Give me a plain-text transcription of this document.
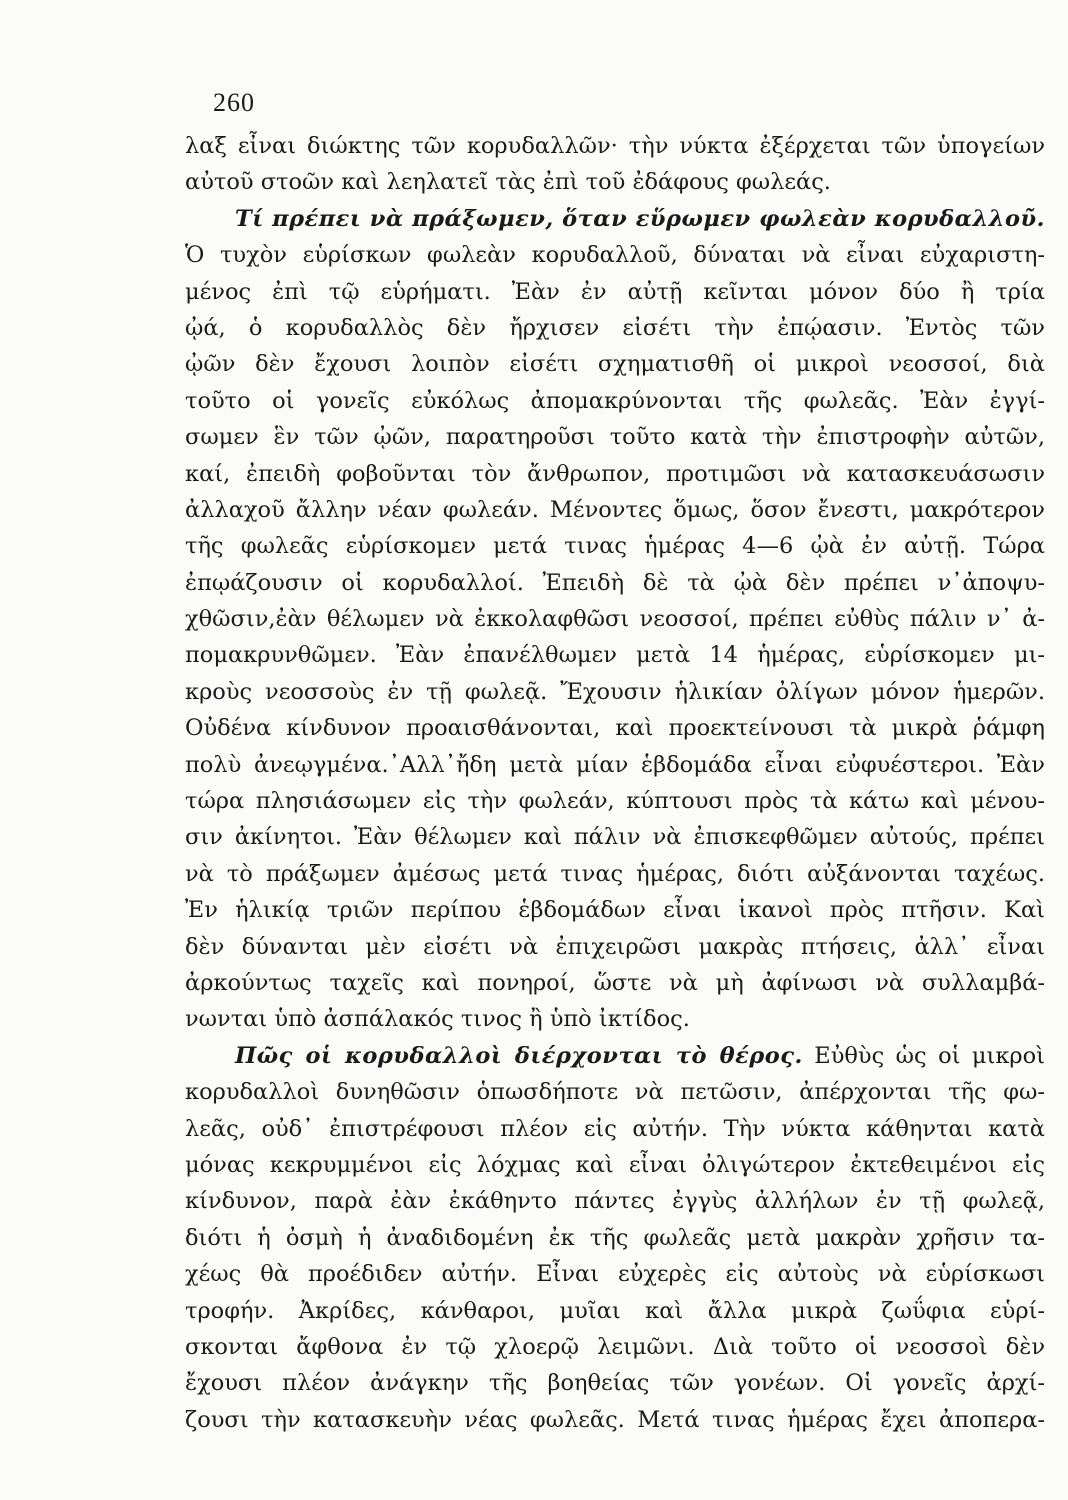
260
λαξ εἶναι διώκτης τῶν κορυδαλλῶν· τὴν νύκτα ἐξέρχεται τῶν ὑπογείων
αὐτοῦ στοῶν καὶ λεηλατεῖ τὰς ἐπὶ τοῦ ἐδάφους φωλεάς.
Τί πρέπει νὰ πράξωμεν, ὅταν εὕρωμεν φωλεὰν κορυδαλλοῦ.
Ὁ τυχὸν εὑρίσκων φωλεὰν κορυδαλλοῦ, δύναται νὰ εἶναι εὐχαριστη-
μένος ἐπὶ τῷ εὑρήματι. Ἐὰν ἐν αὐτῇ κεῖνται μόνον δύο ἢ τρία
ᾠά, ὁ κορυδαλλὸς δὲν ἤρχισεν εἰσέτι τὴν ἐπῴασιν. Ἐντὸς τῶν
ᾠῶν δὲν ἔχουσι λοιπὸν εἰσέτι σχηματισθῆ οἱ μικροὶ νεοσσοί, διὰ
τοῦτο οἱ γονεῖς εὐκόλως ἀπομακρύνονται τῆς φωλεᾶς. Ἐὰν ἐγγί-
σωμεν ἓν τῶν ᾠῶν, παρατηροῦσι τοῦτο κατὰ τὴν ἐπιστροφὴν αὐτῶν,
καί, ἐπειδὴ φοβοῦνται τὸν ἄνθρωπον, προτιμῶσι νὰ κατασκευάσωσιν
ἀλλαχοῦ ἄλλην νέαν φωλεάν. Μένοντες ὅμως, ὅσον ἔνεστι, μακρότερον
τῆς φωλεᾶς εὑρίσκομεν μετά τινας ἡμέρας 4—6 ᾠὰ ἐν αὐτῇ. Τώρα
ἐπῳάζουσιν οἱ κορυδαλλοί. Ἐπειδὴ δὲ τὰ ᾠὰ δὲν πρέπει ν᾽ἀποψυ-
χθῶσιν,ἐὰν θέλωμεν νὰ ἐκκολαφθῶσι νεοσσοί, πρέπει εὐθὺς πάλιν ν᾽ ἀ-
πομακρυνθῶμεν. Ἐὰν ἐπανέλθωμεν μετὰ 14 ἡμέρας, εὑρίσκομεν μι-
κροὺς νεοσσοὺς ἐν τῇ φωλεᾷ. Ἔχουσιν ἡλικίαν ὀλίγων μόνον ἡμερῶν.
Οὐδένα κίνδυνον προαισθάνονται, καὶ προεκτείνουσι τὰ μικρὰ ῥάμφη
πολὺ ἀνεῳγμένα.᾽Αλλ᾽ἤδη μετὰ μίαν ἑβδομάδα εἶναι εὐφυέστεροι. Ἐὰν
τώρα πλησιάσωμεν εἰς τὴν φωλεάν, κύπτουσι πρὸς τὰ κάτω καὶ μένου-
σιν ἀκίνητοι. Ἐὰν θέλωμεν καὶ πάλιν νὰ ἐπισκεφθῶμεν αὐτούς, πρέπει
νὰ τὸ πράξωμεν ἀμέσως μετά τινας ἡμέρας, διότι αὐξάνονται ταχέως.
Ἐν ἡλικίᾳ τριῶν περίπου ἑβδομάδων εἶναι ἱκανοὶ πρὸς πτῆσιν. Καὶ
δὲν δύνανται μὲν εἰσέτι νὰ ἐπιχειρῶσι μακρὰς πτήσεις, ἀλλ᾽ εἶναι
ἀρκούντως ταχεῖς καὶ πονηροί, ὥστε νὰ μὴ ἀφίνωσι νὰ συλλαμβά-
νωνται ὑπὸ ἀσπάλακός τινος ἢ ὑπὸ ἰκτίδος.
Πῶς οἱ κορυδαλλοὶ διέρχονται τὸ θέρος. Εὐθὺς ὡς οἱ μικροὶ
κορυδαλλοὶ δυνηθῶσιν ὁπωσδήποτε νὰ πετῶσιν, ἀπέρχονται τῆς φω-
λεᾶς, οὐδ᾽ ἐπιστρέφουσι πλέον εἰς αὐτήν. Τὴν νύκτα κάθηνται κατὰ
μόνας κεκρυμμένοι εἰς λόχμας καὶ εἶναι ὀλιγώτερον ἐκτεθειμένοι εἰς
κίνδυνον, παρὰ ἐὰν ἐκάθηντο πάντες ἐγγὺς ἀλλήλων ἐν τῇ φωλεᾷ,
διότι ἡ ὀσμὴ ἡ ἀναδιδομένη ἐκ τῆς φωλεᾶς μετὰ μακρὰν χρῆσιν τα-
χέως θὰ προέδιδεν αὐτήν. Εἶναι εὐχερὲς εἰς αὐτοὺς νὰ εὑρίσκωσι
τροφήν. Ἀκρίδες, κάνθαροι, μυῖαι καὶ ἄλλα μικρὰ ζωΰφια εὑρί-
σκονται ἄφθονα ἐν τῷ χλοερῷ λειμῶνι. Διὰ τοῦτο οἱ νεοσσοὶ δὲν
ἔχουσι πλέον ἀνάγκην τῆς βοηθείας τῶν γονέων. Οἱ γονεῖς ἀρχί-
ζουσι τὴν κατασκευὴν νέας φωλεᾶς. Μετά τινας ἡμέρας ἔχει ἀποπερα-
